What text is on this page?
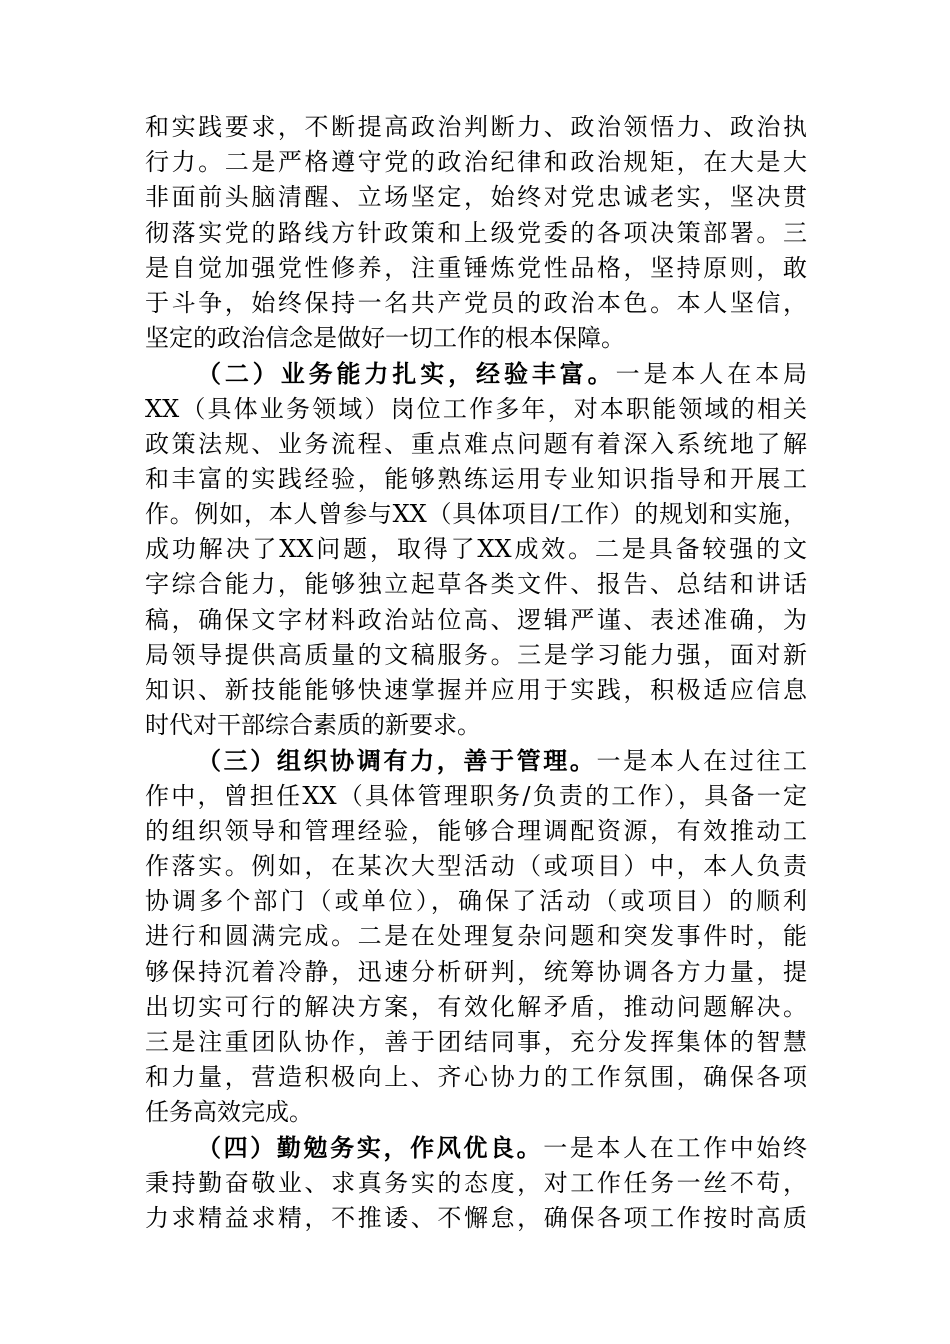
和实践要求，不断提高政治判断力、政治领悟力、政治执
行力。二是严格遵守党的政治纪律和政治规矩，在大是大
非面前头脑清醒、立场坚定，始终对党忠诚老实，坚决贯
彻落实党的路线方针政策和上级党委的各项决策部署。三
是自觉加强党性修养，注重锤炼党性品格，坚持原则，敢
于斗争，始终保持一名共产党员的政治本色。本人坚信，
坚定的政治信念是做好一切工作的根本保障。
（二）业务能力扎实，经验丰富。一是本人在本局
XX（具体业务领域）岗位工作多年，对本职能领域的相关
政策法规、业务流程、重点难点问题有着深入系统地了解
和丰富的实践经验，能够熟练运用专业知识指导和开展工
作。例如，本人曾参与XX（具体项目/工作）的规划和实施，
成功解决了XX问题，取得了XX成效。二是具备较强的文
字综合能力，能够独立起草各类文件、报告、总结和讲话
稿，确保文字材料政治站位高、逻辑严谨、表述准确，为
局领导提供高质量的文稿服务。三是学习能力强，面对新
知识、新技能能够快速掌握并应用于实践，积极适应信息
时代对干部综合素质的新要求。
（三）组织协调有力，善于管理。一是本人在过往工
作中，曾担任XX（具体管理职务/负责的工作），具备一定
的组织领导和管理经验，能够合理调配资源，有效推动工
作落实。例如，在某次大型活动（或项目）中，本人负责
协调多个部门（或单位），确保了活动（或项目）的顺利
进行和圆满完成。二是在处理复杂问题和突发事件时，能
够保持沉着冷静，迅速分析研判，统筹协调各方力量，提
出切实可行的解决方案，有效化解矛盾，推动问题解决。
三是注重团队协作，善于团结同事，充分发挥集体的智慧
和力量，营造积极向上、齐心协力的工作氛围，确保各项
任务高效完成。
（四）勤勉务实，作风优良。一是本人在工作中始终
秉持勤奋敬业、求真务实的态度，对工作任务一丝不苟，
力求精益求精，不推诿、不懈怠，确保各项工作按时高质
